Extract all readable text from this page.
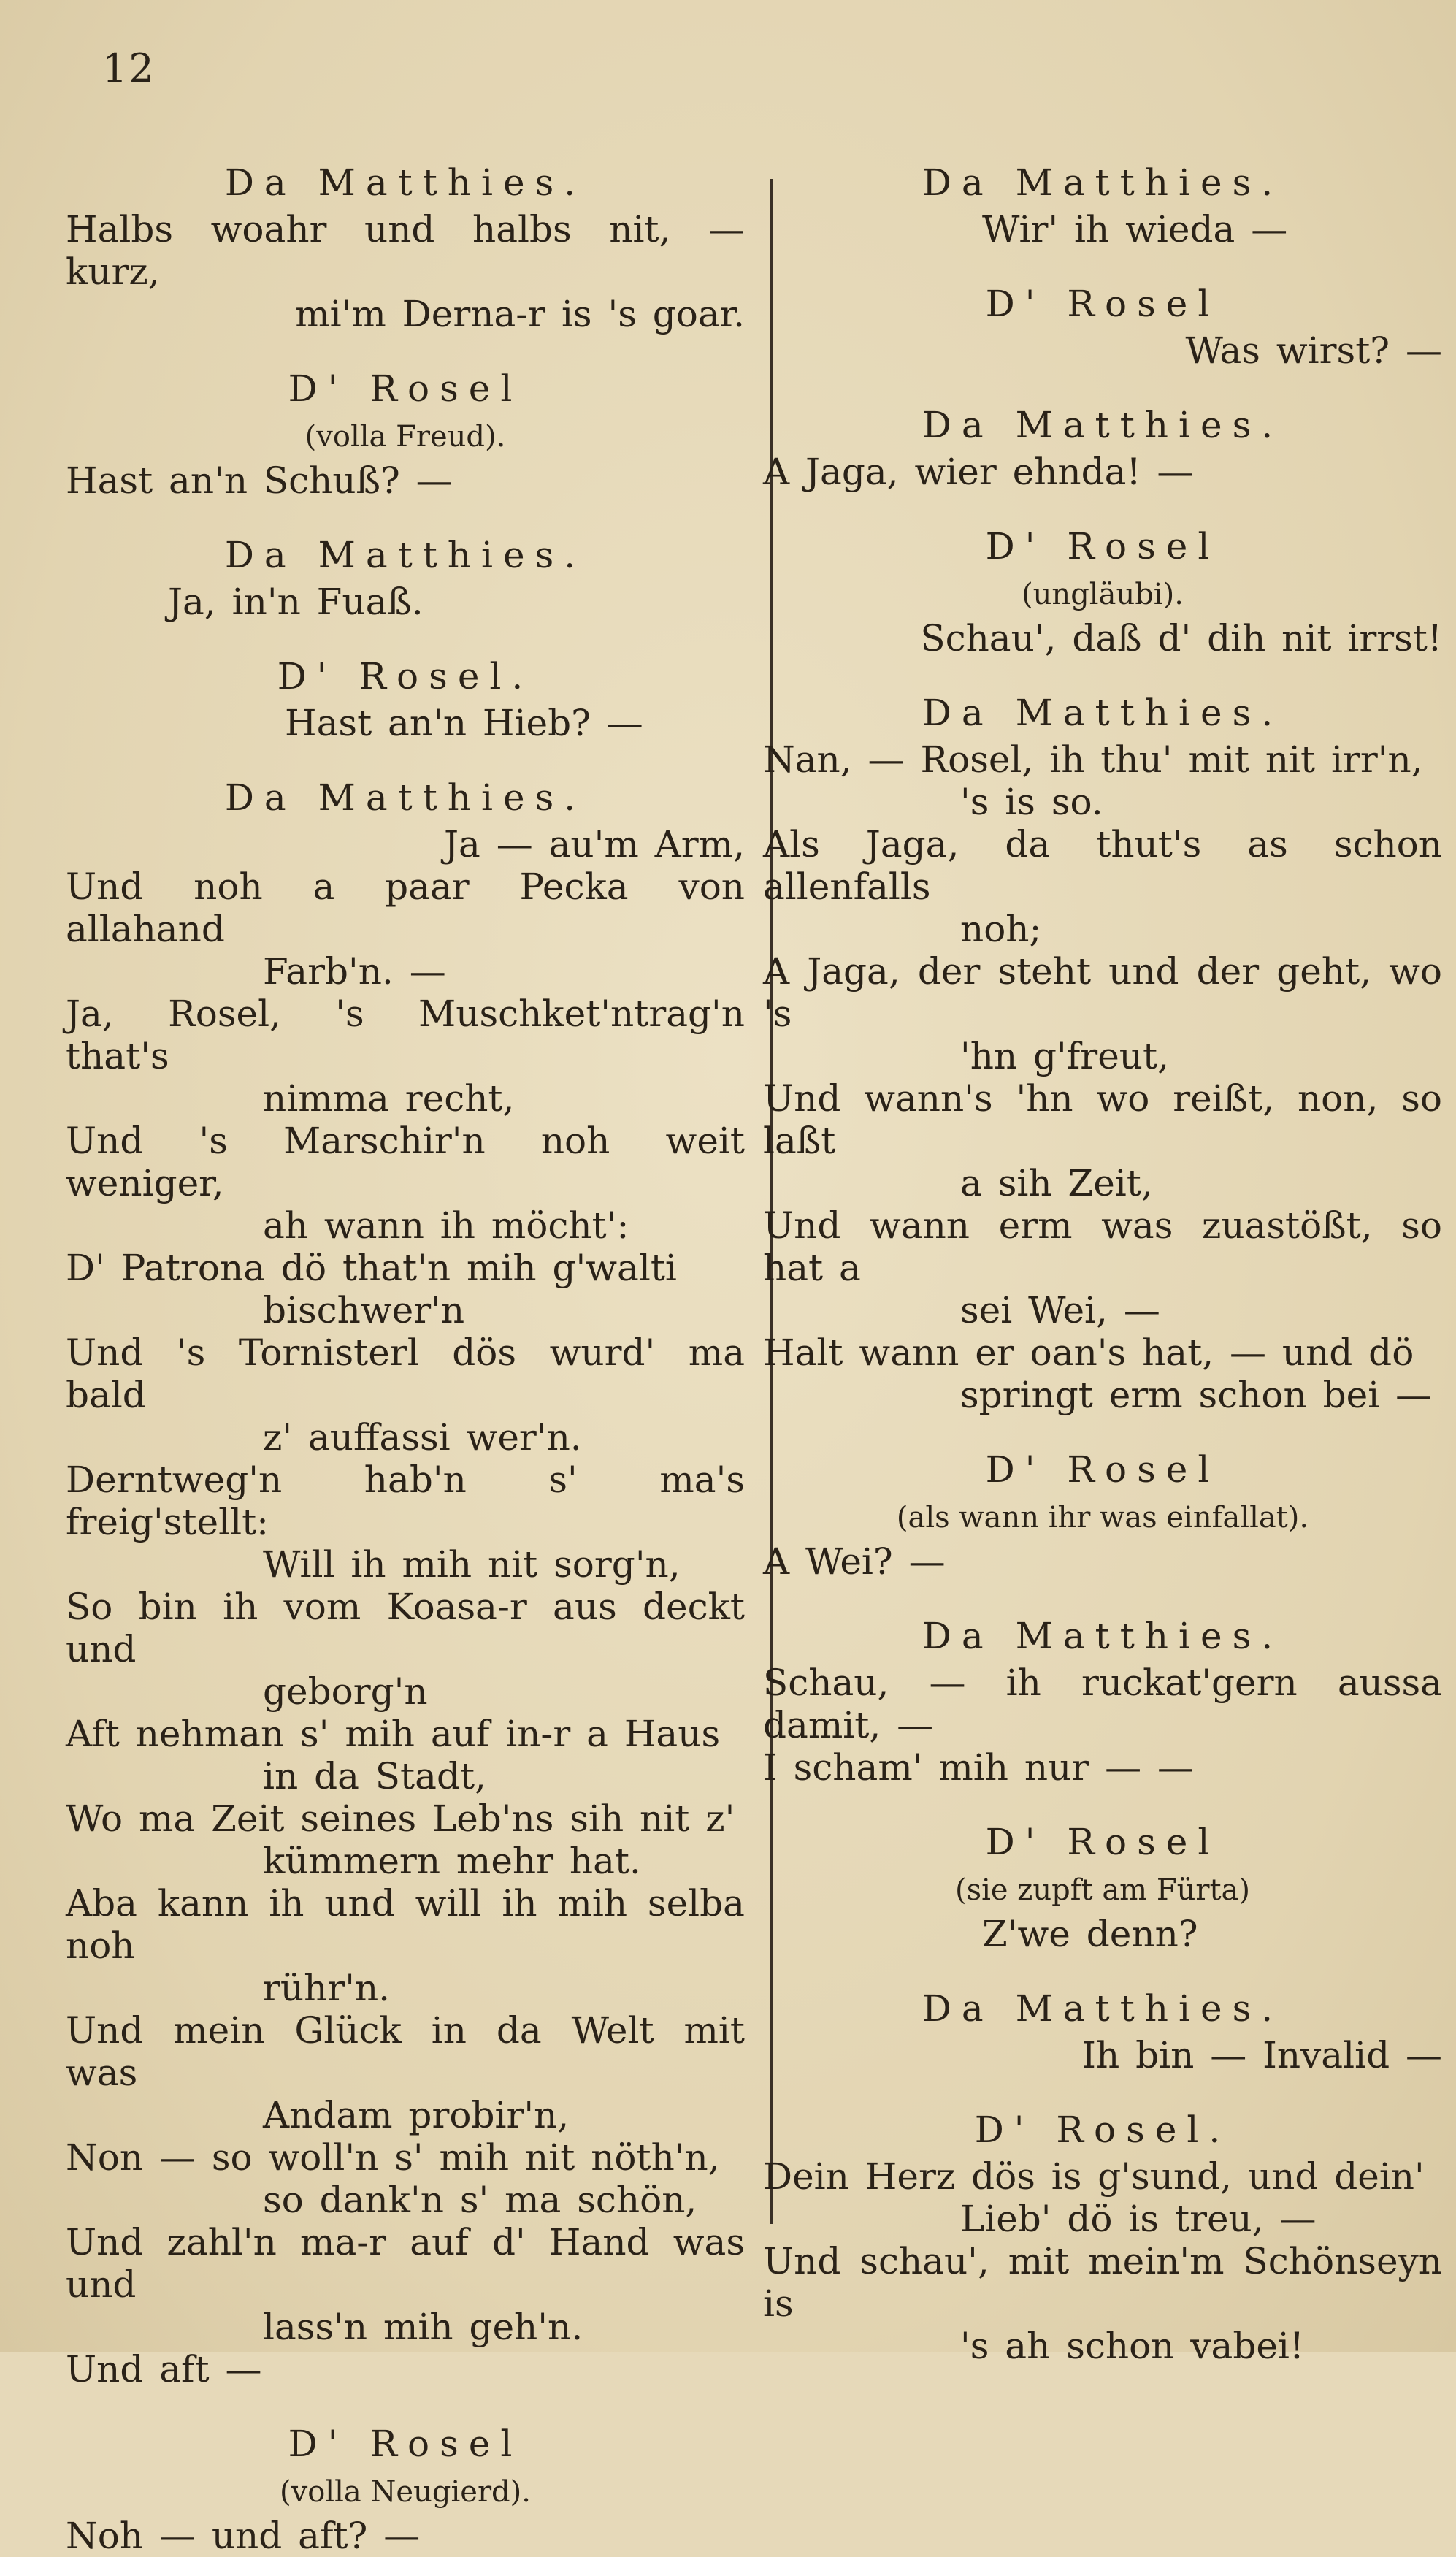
12
Da Matthies.
Halbs woahr und halbs nit, — kurz,
mi'm Derna-r is 's goar.
D' Rosel
(volla Freud).
Hast an'n Schuß? —
Da Matthies.
Ja, in'n Fuaß.
D' Rosel.
Hast an'n Hieb? —
Da Matthies.
Ja — au'm Arm,
Und noh a paar Pecka von allahand
Farb'n. —
Ja, Rosel, 's Muschket'ntrag'n that's
nimma recht,
Und 's Marschir'n noh weit weniger,
ah wann ih möcht':
D' Patrona dö that'n mih g'walti
bischwer'n
Und 's Tornisterl dös wurd' ma bald
z' auffassi wer'n.
Derntweg'n hab'n s' ma's freig'stellt:
Will ih mih nit sorg'n,
So bin ih vom Koasa-r aus deckt und
geborg'n
Aft nehman s' mih auf in-r a Haus
in da Stadt,
Wo ma Zeit seines Leb'ns sih nit z'
kümmern mehr hat.
Aba kann ih und will ih mih selba noh
rühr'n.
Und mein Glück in da Welt mit was
Andam probir'n,
Non — so woll'n s' mih nit nöth'n,
so dank'n s' ma schön,
Und zahl'n ma-r auf d' Hand was und
lass'n mih geh'n.
Und aft —
D' Rosel
(volla Neugierd).
Noh — und aft? —
Da Matthies.
Wir' ih wieda —
D' Rosel
Was wirst? —
Da Matthies.
A Jaga, wier ehnda! —
D' Rosel
(ungläubi).
Schau', daß d' dih nit irrst!
Da Matthies.
Nan, — Rosel, ih thu' mit nit irr'n,
's is so.
Als Jaga, da thut's as schon allenfalls
noh;
A Jaga, der steht und der geht, wo 's
'hn g'freut,
Und wann's 'hn wo reißt, non, so laßt
a sih Zeit,
Und wann erm was zuastößt, so hat a
sei Wei, —
Halt wann er oan's hat, — und dö
springt erm schon bei —
D' Rosel
(als wann ihr was einfallat).
A Wei? —
Da Matthies.
Schau, — ih ruckat'gern aussa damit, —
I scham' mih nur — —
D' Rosel
(sie zupft am Fürta)
Z'we denn?
Da Matthies.
Ih bin — Invalid —
D' Rosel.
Dein Herz dös is g'sund, und dein'
Lieb' dö is treu, —
Und schau', mit mein'm Schönseyn is
's ah schon vabei!
